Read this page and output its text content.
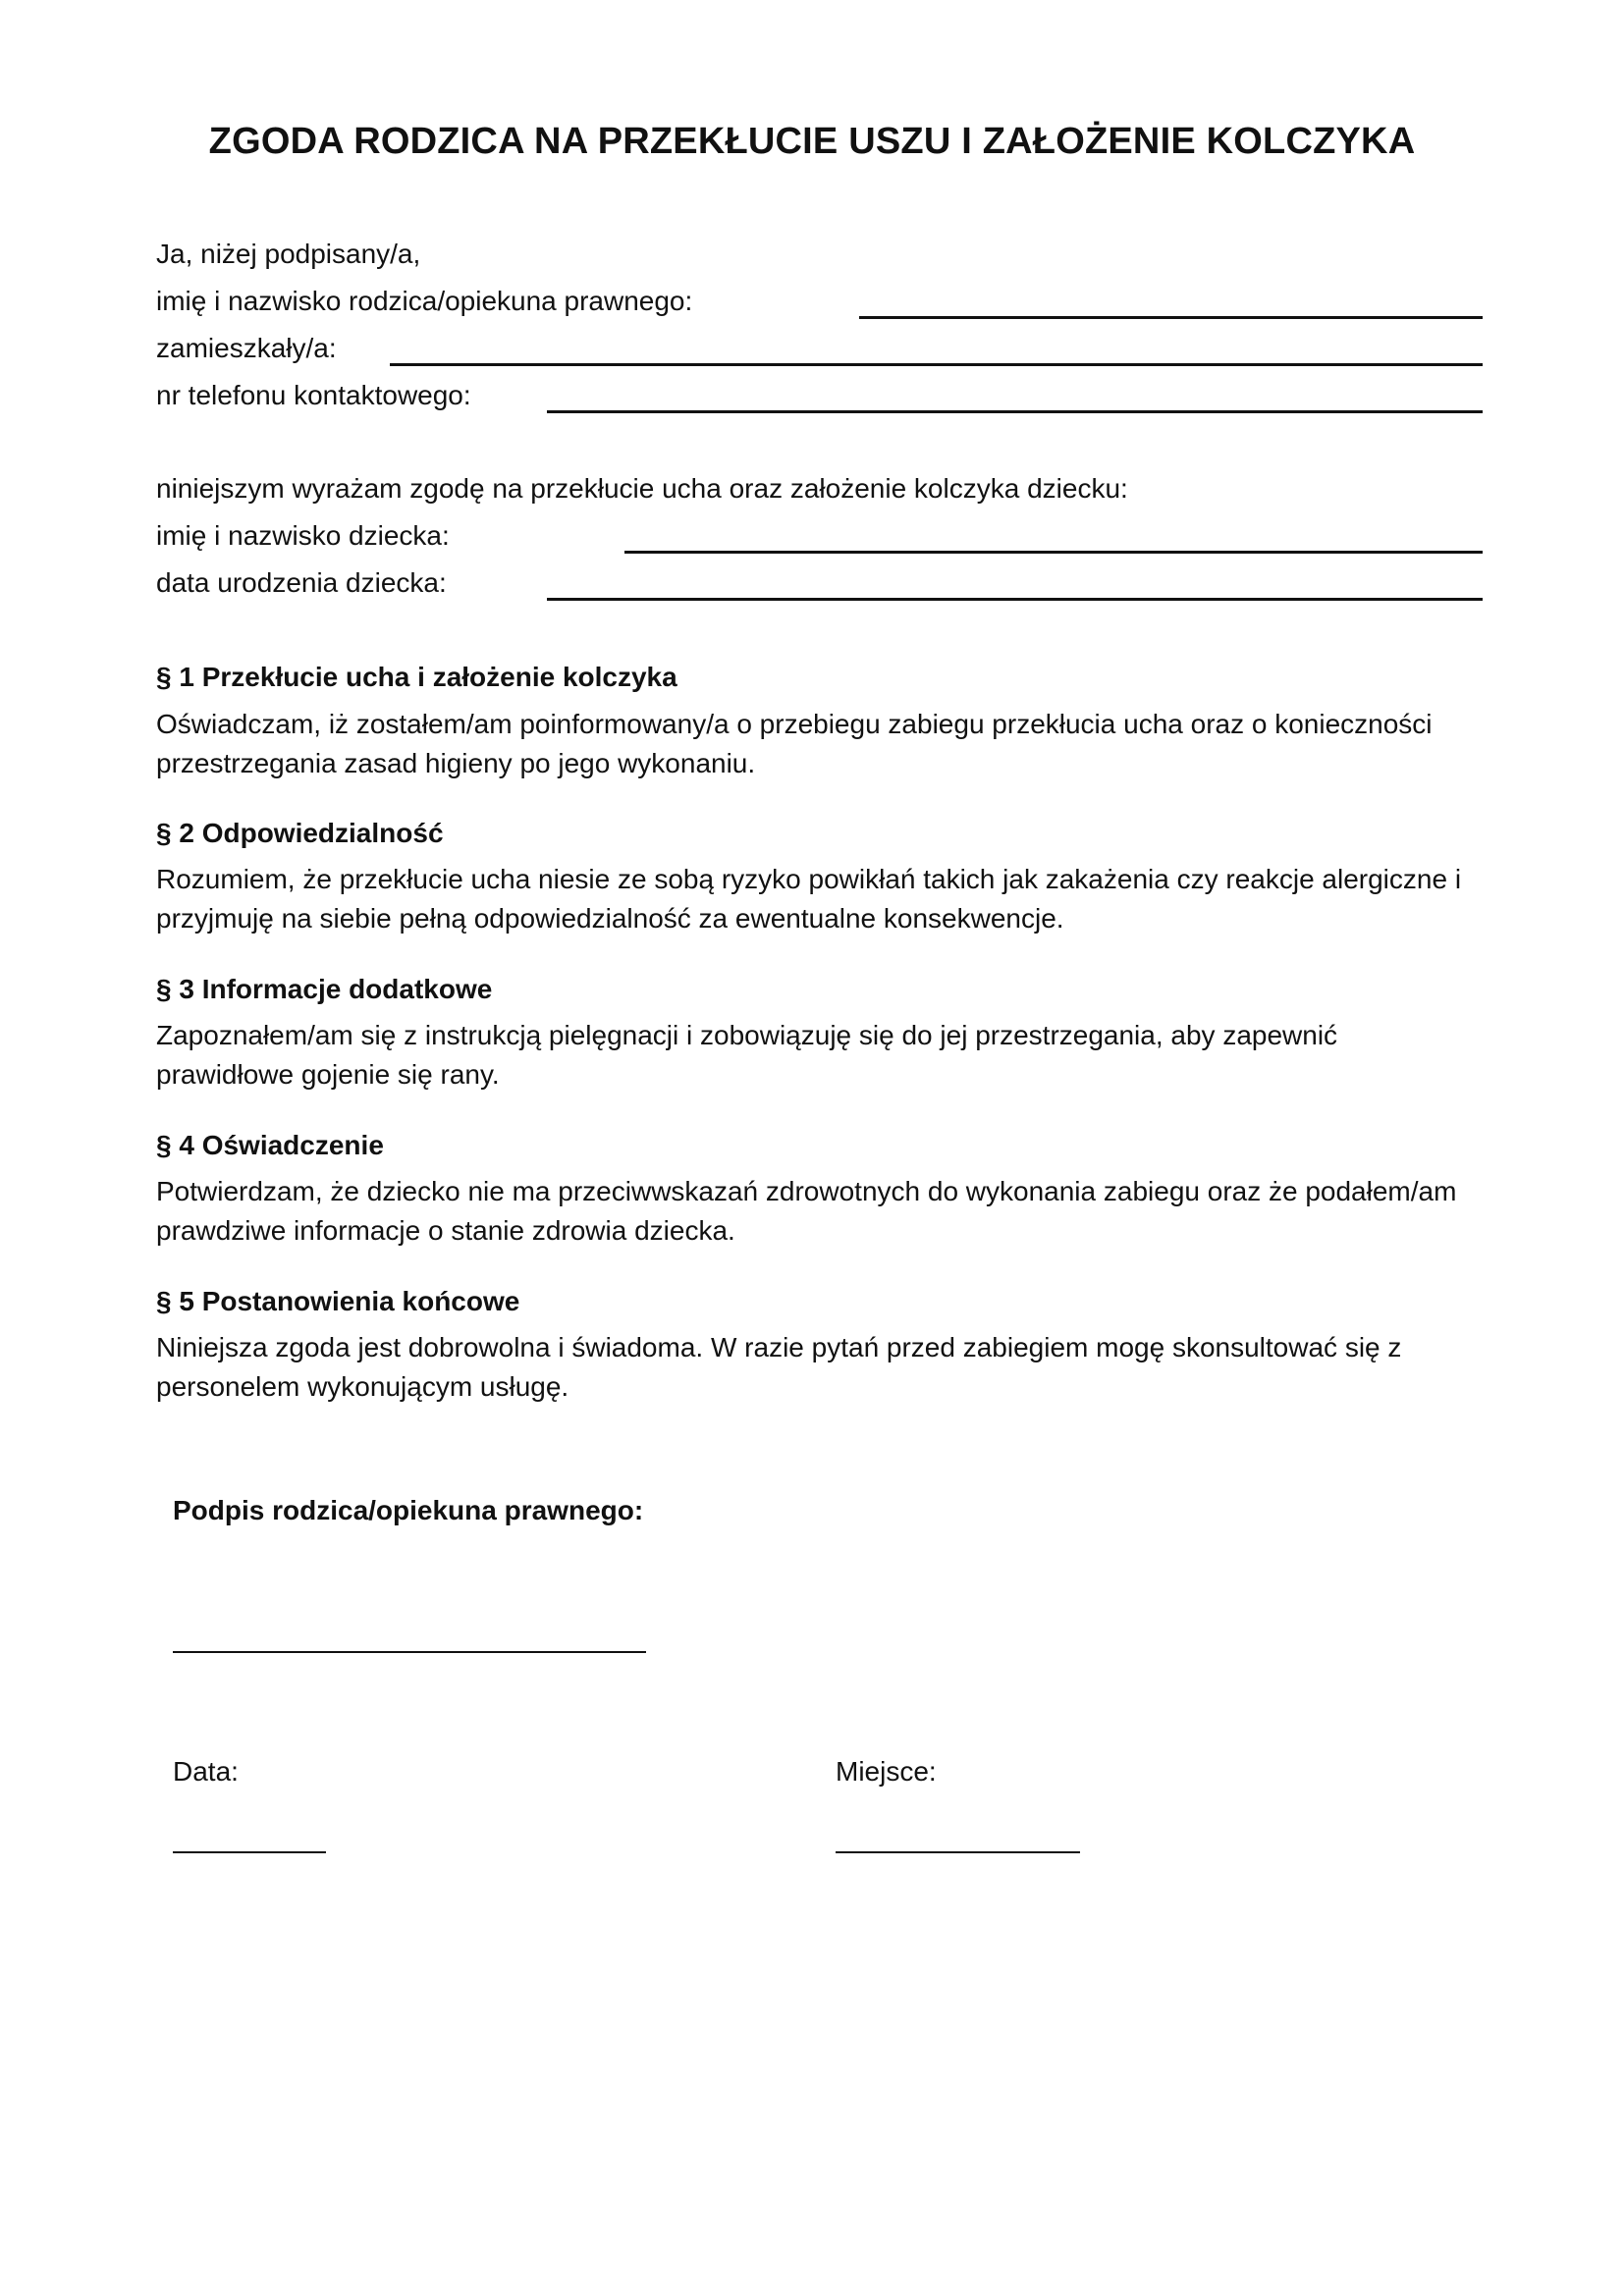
ZGODA RODZICA NA PRZEKŁUCIE USZU I ZAŁOŻENIE KOLCZYKA
Ja, niżej podpisany/a,
imię i nazwisko rodzica/opiekuna prawnego:
zamieszkały/a:
nr telefonu kontaktowego:
niniejszym wyrażam zgodę na przekłucie ucha oraz założenie kolczyka dziecku:
imię i nazwisko dziecka:
data urodzenia dziecka:
§ 1 Przekłucie ucha i założenie kolczyka
Oświadczam, iż zostałem/am poinformowany/a o przebiegu zabiegu przekłucia ucha oraz o konieczności przestrzegania zasad higieny po jego wykonaniu.
§ 2 Odpowiedzialność
Rozumiem, że przekłucie ucha niesie ze sobą ryzyko powikłań takich jak zakażenia czy reakcje alergiczne i przyjmuję na siebie pełną odpowiedzialność za ewentualne konsekwencje.
§ 3 Informacje dodatkowe
Zapoznałem/am się z instrukcją pielęgnacji i zobowiązuję się do jej przestrzegania, aby zapewnić prawidłowe gojenie się rany.
§ 4 Oświadczenie
Potwierdzam, że dziecko nie ma przeciwwskazań zdrowotnych do wykonania zabiegu oraz że podałem/am prawdziwe informacje o stanie zdrowia dziecka.
§ 5 Postanowienia końcowe
Niniejsza zgoda jest dobrowolna i świadoma. W razie pytań przed zabiegiem mogę skonsultować się z personelem wykonującym usługę.
Podpis rodzica/opiekuna prawnego:
Data:	Miejsce:
